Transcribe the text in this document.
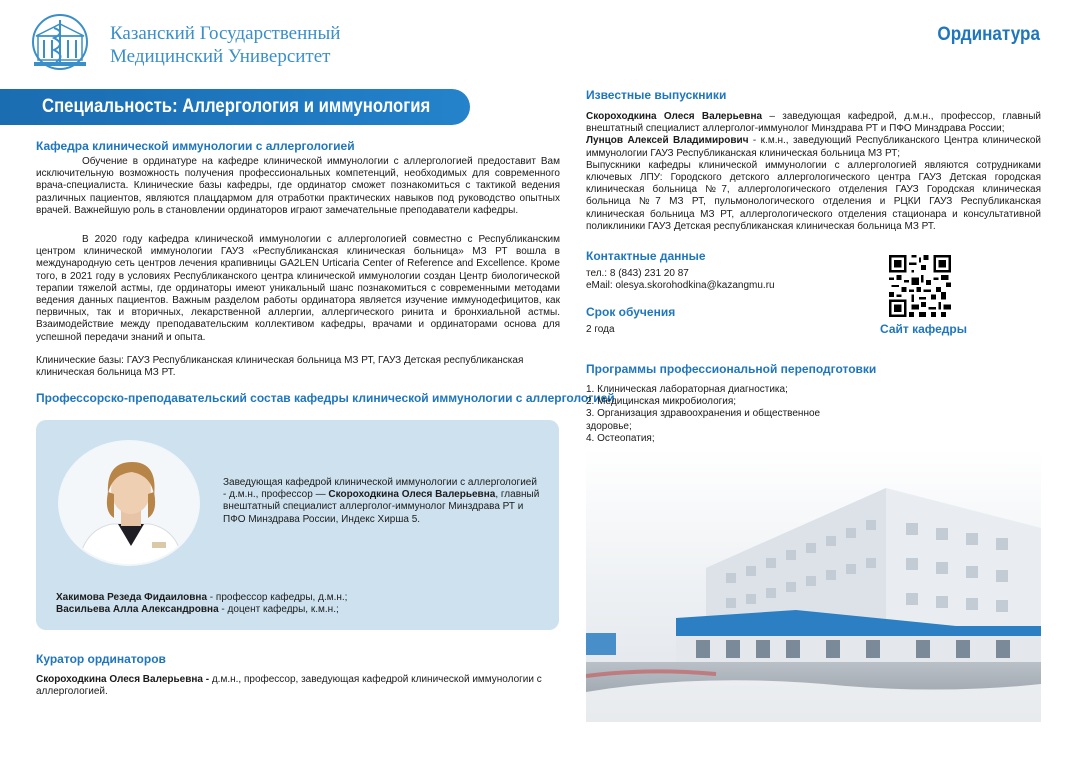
Казанский Государственный
Медицинский Университет
Ординатура
Специальность: Аллергология и иммунология
Кафедра клинической иммунологии с аллергологией
Обучение в ординатуре на кафедре клинической иммунологии с аллергологией предоставит Вам исключительную возможность получения профессиональных компетенций, необходимых для современного врача-специалиста. Клинические базы кафедры, где ординатор сможет познакомиться с тактикой ведения различных пациентов, являются плацдармом для отработки практических навыков под руководство опытных врачей. Важнейшую роль в становлении ординаторов играют замечательные преподаватели кафедры.
В 2020 году кафедра клинической иммунологии с аллергологией совместно с Республиканским центром клинической иммунологии ГАУЗ «Республиканская клиническая больница» МЗ РТ вошла в международную сеть центров лечения крапивницы GA2LEN Urticaria Center of Reference and Excellence. Кроме того, в 2021 году в условиях Республиканского центра клинической иммунологии создан Центр биологической терапии тяжелой астмы, где ординаторы имеют уникальный шанс познакомиться с современными методами ведения данных пациентов. Важным разделом работы ординатора является изучение иммунодефицитов, как первичных, так и вторичных, лекарственной аллергии, аллергического ринита и бронхиальной астмы. Взаимодействие между преподавательским коллективом кафедры, врачами и ординаторами основа для успешной передачи знаний и опыта.
Клинические базы: ГАУЗ Республиканская клиническая больница МЗ РТ, ГАУЗ Детская республиканская клиническая больница МЗ РТ.
Профессорско-преподавательский состав кафедры клинической иммунологии с аллергологией
Заведующая кафедрой клинической иммунологии с аллергологией - д.м.н., профессор — Скороходкина Олеся Валерьевна, главный внештатный специалист аллерголог-иммунолог Минздрава РТ и ПФО Минздрава России, Индекс Хирша 5.
Хакимова Резеда Фидаиловна - профессор кафедры, д.м.н.;
Васильева Алла Александровна - доцент кафедры, к.м.н.;
Куратор ординаторов
Скороходкина Олеся Валерьевна - д.м.н., профессор, заведующая кафедрой клинической иммунологии с аллергологией.
Известные выпускники
Скороходкина Олеся Валерьевна – заведующая кафедрой, д.м.н., профессор, главный внештатный специалист аллерголог-иммунолог Минздрава РТ и ПФО Минздрава России;
Лунцов Алексей Владимирович - к.м.н., заведующий Республиканского Центра клинической иммунологии ГАУЗ Республиканская клиническая больница МЗ РТ;
Выпускники кафедры клинической иммунологии с аллергологией являются сотрудниками ключевых ЛПУ: Городского детского аллергологического центра ГАУЗ Детская городская клиническая больница №7, аллергологического отделения ГАУЗ Городская клиническая больница №7 МЗ РТ, пульмонологического отделения и РЦКИ ГАУЗ Республиканская клиническая больница МЗ РТ, аллергологического отделения стационара и консультативной поликлиники ГАУЗ Детская республиканская клиническая больница МЗ РТ.
Контактные данные
тел.: 8 (843) 231 20 87
eMail: olesya.skorohodkina@kazangmu.ru
Сайт кафедры
Срок обучения
2 года
Программы профессиональной переподготовки
1. Клиническая лабораторная диагностика;
2. Медицинская микробиология;
3. Организация здравоохранения и общественное здоровье;
4. Остеопатия;
